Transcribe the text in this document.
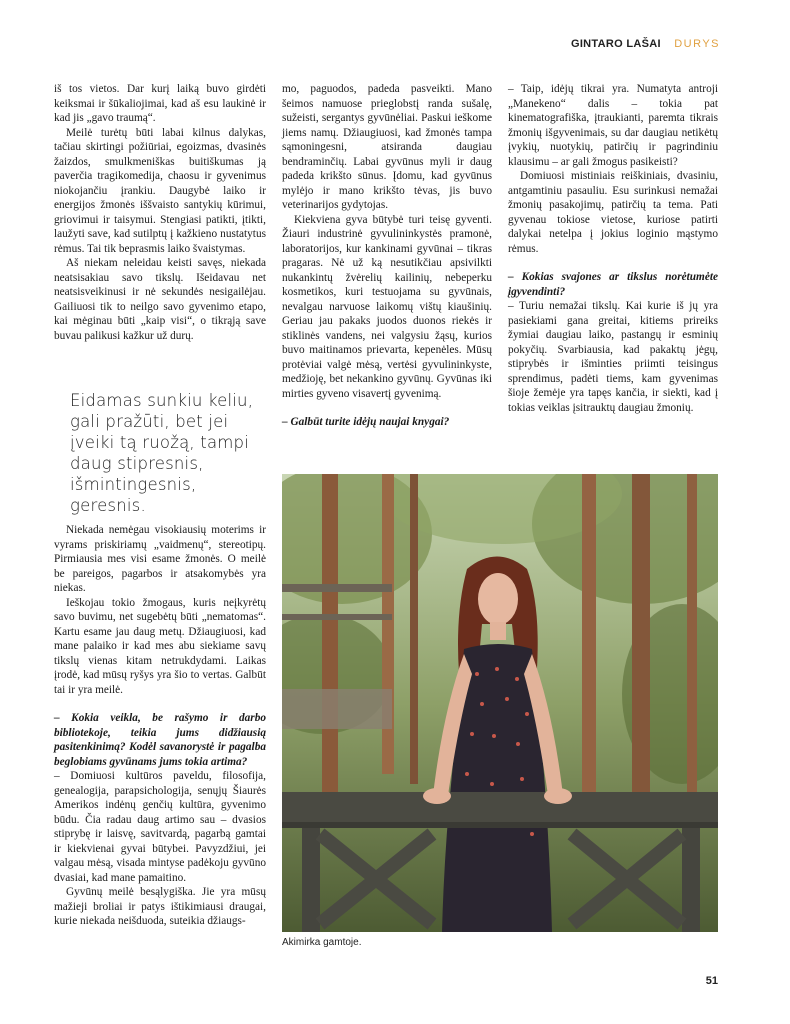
GINTARO LAŠAI DURYS

iš tos vietos. Dar kurį laiką buvo girdėti keiksmai ir šūkaliojimai, kad aš esu laukinė ir kad jis „gavo traumą“.

Meilė turėtų būti labai kilnus dalykas, tačiau skirtingi požiūriai, egoizmas, dvasinės žaizdos, smulkmeniškas buitiškumas ją paverčia tragikomedija, chaosu ir gyvenimus niokojančiu įrankiu. Daugybė laiko ir energijos žmonės iššvaisto santykių kūrimui, griovimui ir taisymui. Stengiasi patikti, įtikti, laužyti save, kad sutilptų į kažkieno nustatytus rėmus. Tai tik beprasmis laiko švaistymas.

Aš niekam neleidau keisti savęs, niekada neatsisakiau savo tikslų. Išeidavau net neatsisveikinusi ir nė sekundės nesigailėjau. Gailiuosi tik to neilgo savo gyvenimo etapo, kai mėginau būti „kaip visi“, o tikrąją save buvau palikusi kažkur už durų.

Eidamas sunkiu keliu, gali pražūti, bet jei įveiki tą ruožą, tampi daug stipresnis, išmintingesnis, geresnis.

Niekada nemėgau visokiausių moterims ir vyrams priskiriamų „vaidmenų“, stereotipų. Pirmiausia mes visi esame žmonės. O meilė be pareigos, pagarbos ir atsakomybės yra niekas.

Ieškojau tokio žmogaus, kuris neįkyrėtų savo buvimu, net sugebėtų būti „nematomas“. Kartu esame jau daug metų. Džiaugiuosi, kad mane palaiko ir kad mes abu siekiame savų tikslų vienas kitam netrukdydami. Laikas įrodė, kad mūsų ryšys yra šio to vertas. Galbūt tai ir yra meilė.

– Kokia veikla, be rašymo ir darbo bibliotekoje, teikia jums didžiausią pasitenkinimą? Kodėl savanorystė ir pagalba beglobiams gyvūnams jums tokia artima?

– Domiuosi kultūros paveldu, filosofija, genealogija, parapsichologija, senųjų Šiaurės Amerikos indėnų genčių kultūra, gyvenimo būdu. Čia radau daug artimo sau – dvasios stiprybę ir laisvę, savitvardą, pagarbą gamtai ir kiekvienai gyvai būtybei. Pavyzdžiui, jei valgau mėsą, visada mintyse padėkoju gyvūno dvasiai, kad mane pamaitino.

Gyvūnų meilė besąlygiška. Jie yra mūsų mažieji broliai ir patys ištikimiausi draugai, kurie niekada neišduoda, suteikia džiaugs-

mo, paguodos, padeda pasveikti. Mano šeimos namuose prieglobstį randa sušalę, sužeisti, sergantys gyvūnėliai. Paskui ieškome jiems namų. Džiaugiuosi, kad žmonės tampa sąmoningesni, atsiranda daugiau bendraminčių. Labai gyvūnus myli ir daug padeda krikšto sūnus. Įdomu, kad gyvūnus mylėjo ir mano krikšto tėvas, jis buvo veterinarijos gydytojas.

Kiekviena gyva būtybė turi teisę gyventi. Žiauri industrinė gyvulininkystės pramonė, laboratorijos, kur kankinami gyvūnai – tikras pragaras. Nė už ką nesutikčiau apsivilkti nukankintų žvėrelių kailinių, nebeperku kosmetikos, kuri testuojama su gyvūnais, nevalgau narvuose laikomų vištų kiaušinių. Geriau jau pakaks juodos duonos riekės ir stiklinės vandens, nei valgysiu žąsų, kurios buvo maitinamos prievarta, kepenėles. Mūsų protėviai valgė mėsą, vertėsi gyvulininkyste, medžioję, bet nekankino gyvūnų. Gyvūnas iki mirties gyveno visavertį gyvenimą.

– Galbūt turite idėjų naujai knygai?

– Taip, idėjų tikrai yra. Numatyta antroji „Manekeno“ dalis – tokia pat kinematografiška, įtraukianti, paremta tikrais žmonių išgyvenimais, su dar daugiau netikėtų įvykių, nuotykių, patirčių ir pagrindiniu klausimu – ar gali žmogus pasikeisti?

Domiuosi mistiniais reiškiniais, dvasiniu, antgamtiniu pasauliu. Esu surinkusi nemažai žmonių pasakojimų, patirčių ta tema. Pati gyvenau tokiose vietose, kuriose patirti dalykai netelpa į jokius loginio mąstymo rėmus.

– Kokias svajones ar tikslus norėtumėte įgyvendinti?

– Turiu nemažai tikslų. Kai kurie iš jų yra pasiekiami gana greitai, kitiems prireiks žymiai daugiau laiko, pastangų ir esminių pokyčių. Svarbiausia, kad pakaktų jėgų, stiprybės ir išminties priimti teisingus sprendimus, padėti tiems, kam gyvenimas šioje žemėje yra tapęs kančia, ir siekti, kad į tokias veiklas įsitrauktų daugiau žmonių.

Akimirka gamtoje.
51
